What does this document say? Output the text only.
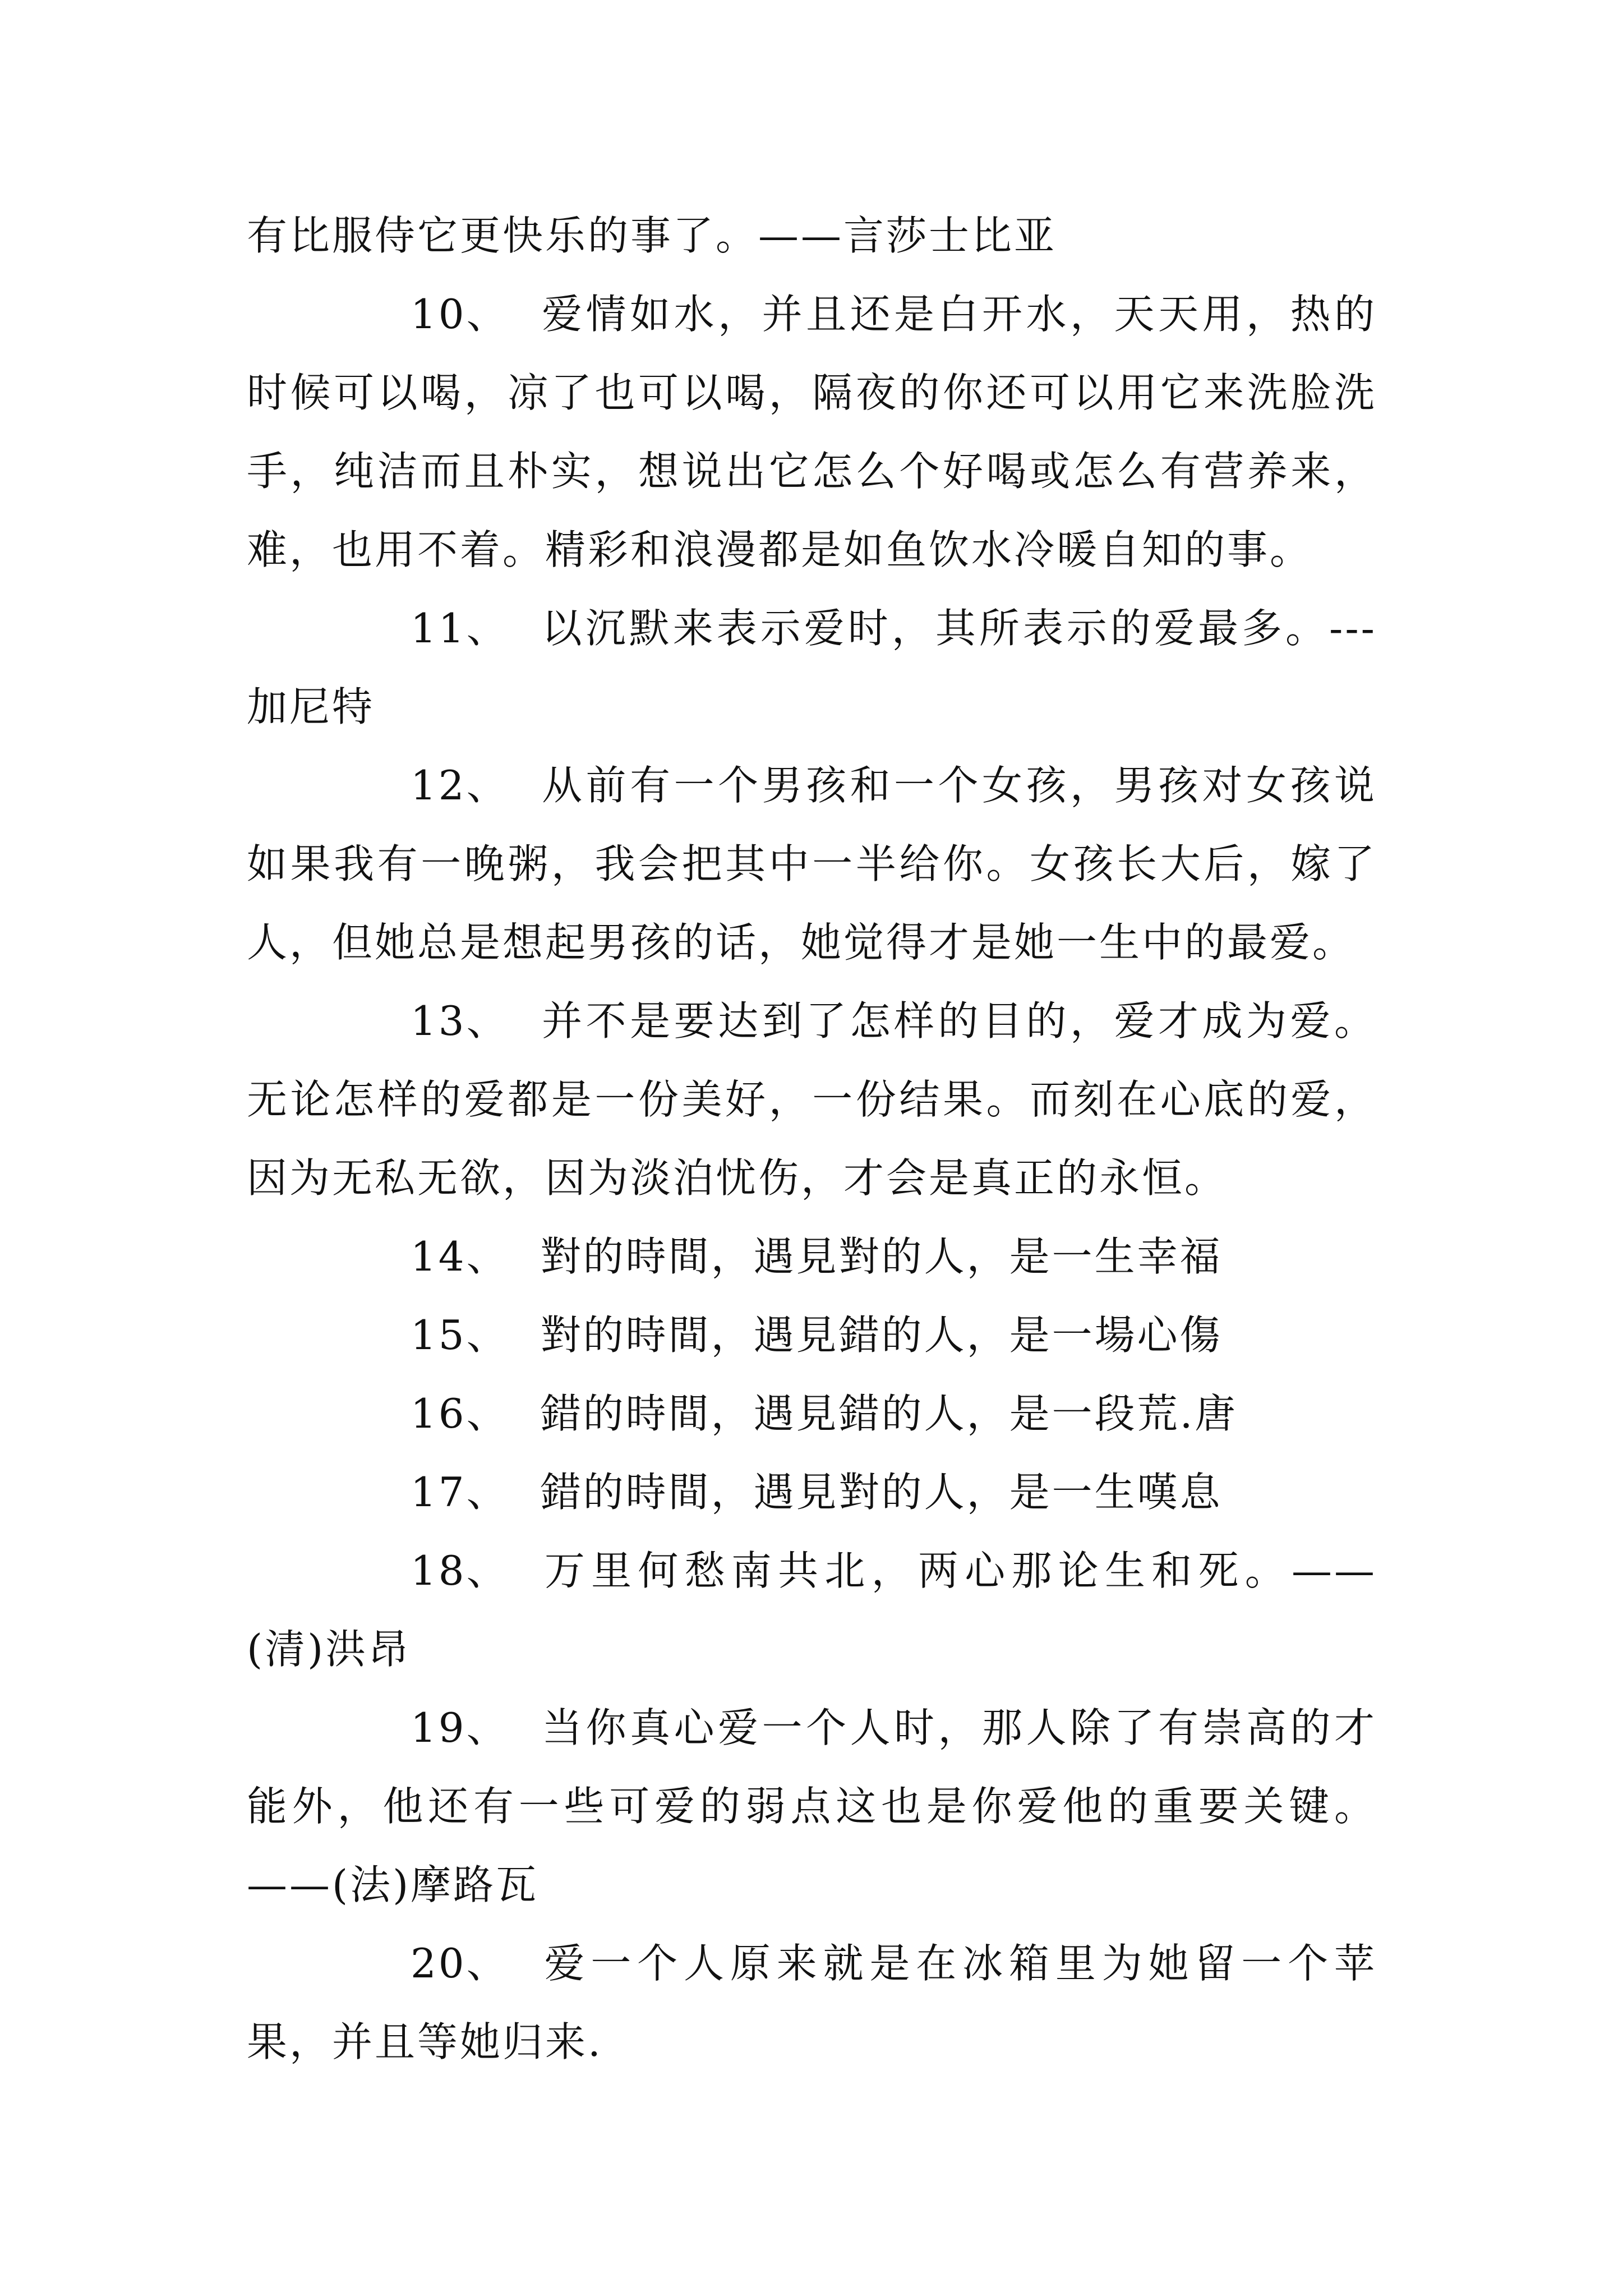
有比服侍它更快乐的事了。——言莎士比亚

10、 爱情如水，并且还是白开水，天天用，热的时候可以喝，凉了也可以喝，隔夜的你还可以用它来洗脸洗手，纯洁而且朴实，想说出它怎么个好喝或怎么有营养来，难，也用不着。精彩和浪漫都是如鱼饮水冷暖自知的事。

11、 以沉默来表示爱时，其所表示的爱最多。---加尼特

12、 从前有一个男孩和一个女孩，男孩对女孩说如果我有一晚粥，我会把其中一半给你。女孩长大后，嫁了人，但她总是想起男孩的话，她觉得才是她一生中的最爱。

13、 并不是要达到了怎样的目的，爱才成为爱。无论怎样的爱都是一份美好，一份结果。而刻在心底的爱，因为无私无欲，因为淡泊忧伤，才会是真正的永恒。

14、 對的時間，遇見對的人，是一生幸福

15、 對的時間，遇見錯的人，是一場心傷

16、 錯的時間，遇見錯的人，是一段荒.唐

17、 錯的時間，遇見對的人，是一生嘆息

18、 万里何愁南共北，两心那论生和死。——(清)洪昂

19、 当你真心爱一个人时，那人除了有崇高的才能外，他还有一些可爱的弱点这也是你爱他的重要关键。——(法)摩路瓦

20、 爱一个人原来就是在冰箱里为她留一个苹果，并且等她归来.
